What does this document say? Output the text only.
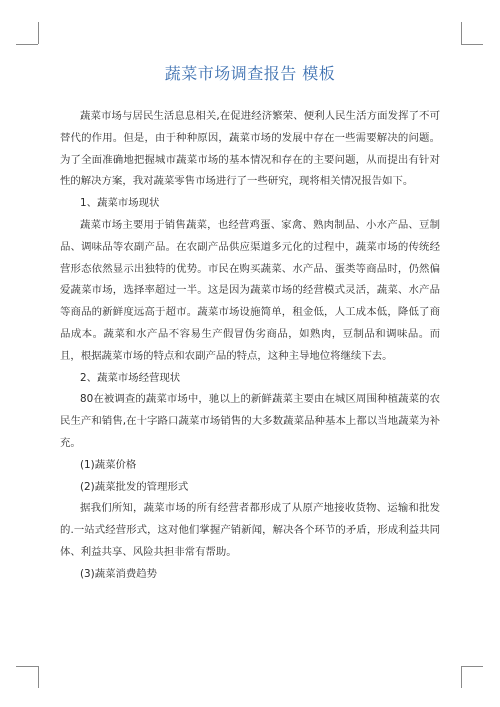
蔬菜市场调查报告 模板

蔬菜市场与居民生活息息相关,在促进经济繁荣、便利人民生活方面发挥了不可替代的作用。但是，由于种种原因，蔬菜市场的发展中存在一些需要解决的问题。为了全面准确地把握城市蔬菜市场的基本情况和存在的主要问题，从而提出有针对性的解决方案，我对蔬菜零售市场进行了一些研究，现将相关情况报告如下。

1、蔬菜市场现状

蔬菜市场主要用于销售蔬菜，也经营鸡蛋、家禽、熟肉制品、小水产品、豆制品、调味品等农副产品。在农副产品供应渠道多元化的过程中，蔬菜市场的传统经营形态依然显示出独特的优势。市民在购买蔬菜、水产品、蛋类等商品时，仍然偏爱蔬菜市场，选择率超过一半。这是因为蔬菜市场的经营模式灵活，蔬菜、水产品等商品的新鲜度远高于超市。蔬菜市场设施简单，租金低，人工成本低，降低了商品成本。蔬菜和水产品不容易生产假冒伪劣商品，如熟肉，豆制品和调味品。而且，根据蔬菜市场的特点和农副产品的特点，这种主导地位将继续下去。

2、蔬菜市场经营现状

80在被调查的蔬菜市场中，驰以上的新鲜蔬菜主要由在城区周围种植蔬菜的农民生产和销售,在十字路口蔬菜市场销售的大多数蔬菜品种基本上都以当地蔬菜为补充。

(1)蔬菜价格

(2)蔬菜批发的管理形式

据我们所知，蔬菜市场的所有经营者都形成了从原产地接收货物、运输和批发的.一站式经营形式，这对他们掌握产销新闻，解决各个环节的矛盾，形成利益共同体、利益共享、风险共担非常有帮助。

(3)蔬菜消费趋势
